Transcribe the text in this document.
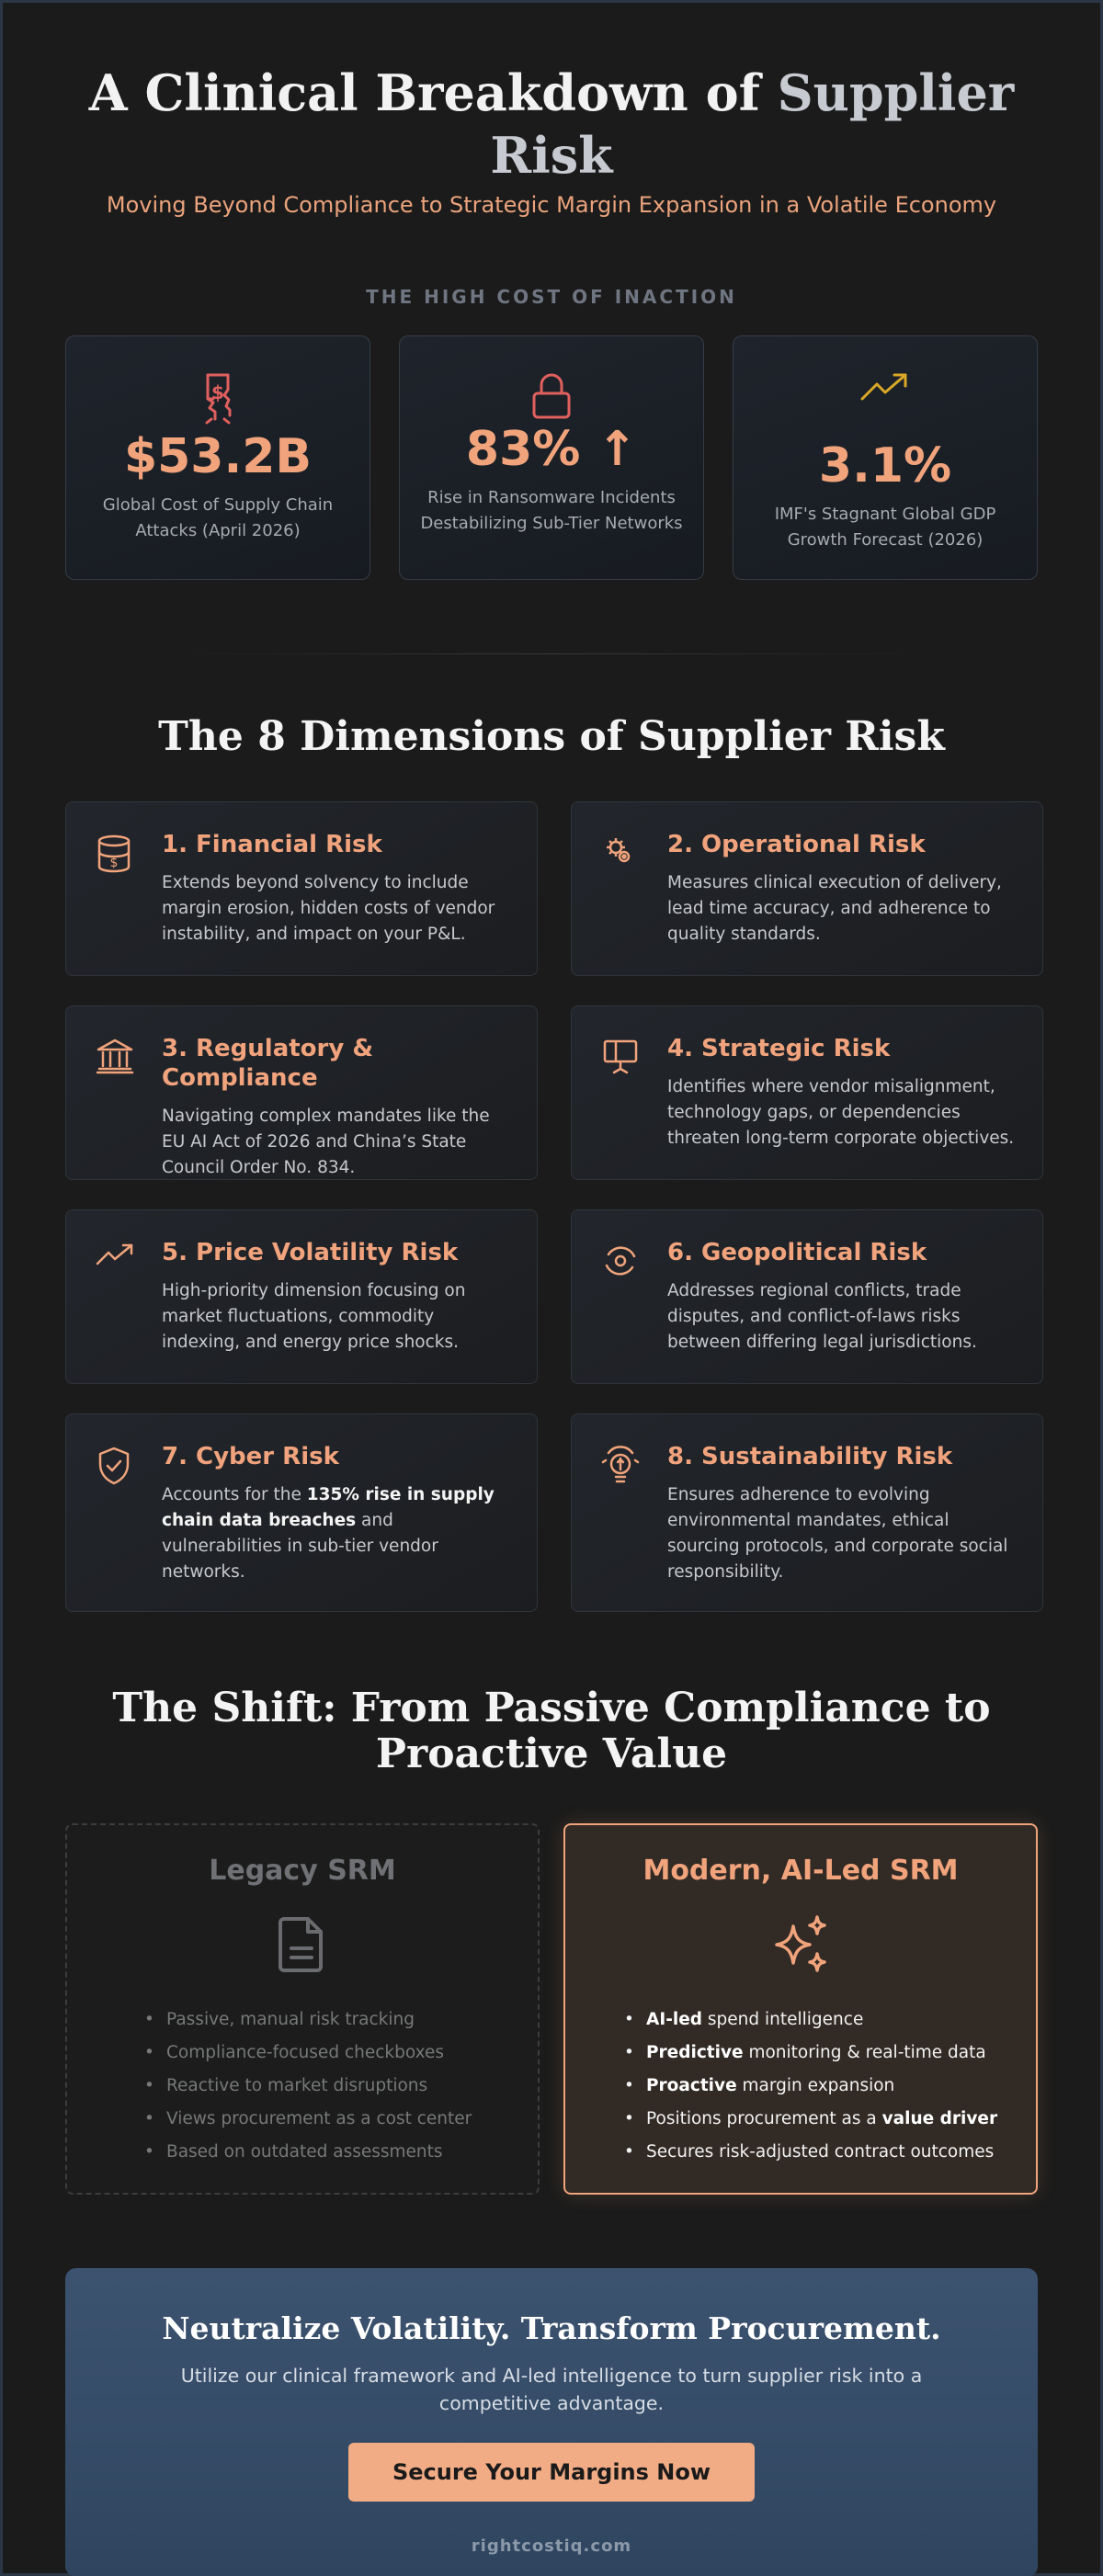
A Clinical Breakdown of Supplier Risk
Moving Beyond Compliance to Strategic Margin Expansion in a Volatile Economy
THE HIGH COST OF INACTION
$
$53.2B
Global Cost of Supply Chain Attacks (April 2026)
83% ↑
Rise in Ransomware Incidents Destabilizing Sub-Tier Networks
3.1%
IMF's Stagnant Global GDP Growth Forecast (2026)
The 8 Dimensions of Supplier Risk
$
1. Financial Risk
Extends beyond solvency to include margin erosion, hidden costs of vendor instability, and impact on your P&L.
2. Operational Risk
Measures clinical execution of delivery, lead time accuracy, and adherence to quality standards.
3. Regulatory & Compliance
Navigating complex mandates like the EU AI Act of 2026 and China’s State Council Order No. 834.
4. Strategic Risk
Identifies where vendor misalignment, technology gaps, or dependencies threaten long-term corporate objectives.
5. Price Volatility Risk
High-priority dimension focusing on market fluctuations, commodity indexing, and energy price shocks.
6. Geopolitical Risk
Addresses regional conflicts, trade disputes, and conflict-of-laws risks between differing legal jurisdictions.
7. Cyber Risk
Accounts for the 135% rise in supply chain data breaches and vulnerabilities in sub-tier vendor networks.
8. Sustainability Risk
Ensures adherence to evolving environmental mandates, ethical sourcing protocols, and corporate social responsibility.
The Shift: From Passive Compliance to Proactive Value
Legacy SRM
• Passive, manual risk tracking
• Compliance-focused checkboxes
• Reactive to market disruptions
• Views procurement as a cost center
• Based on outdated assessments
Modern, AI-Led SRM
• AI-led spend intelligence
• Predictive monitoring & real-time data
• Proactive margin expansion
• Positions procurement as a value driver
• Secures risk-adjusted contract outcomes
Neutralize Volatility. Transform Procurement.
Utilize our clinical framework and AI-led intelligence to turn supplier risk into a competitive advantage.
Secure Your Margins Now
rightcostiq.com
